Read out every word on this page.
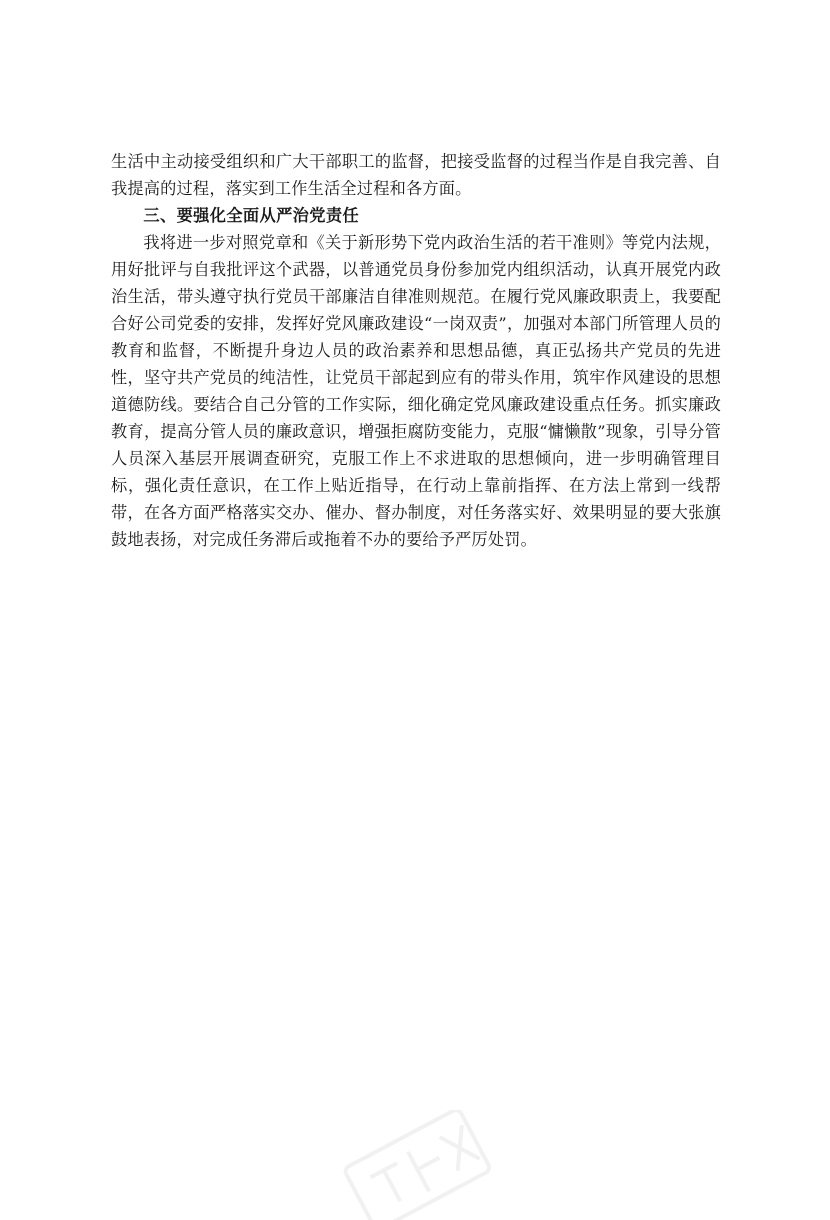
生活中主动接受组织和广大干部职工的监督，把接受监督的过程当作是自我完善、自我提高的过程，落实到工作生活全过程和各方面。

三、要强化全面从严治党责任

我将进一步对照党章和《关于新形势下党内政治生活的若干准则》等党内法规，用好批评与自我批评这个武器，以普通党员身份参加党内组织活动，认真开展党内政治生活，带头遵守执行党员干部廉洁自律准则规范。在履行党风廉政职责上，我要配合好公司党委的安排，发挥好党风廉政建设“一岗双责”，加强对本部门所管理人员的教育和监督，不断提升身边人员的政治素养和思想品德，真正弘扬共产党员的先进性，坚守共产党员的纯洁性，让党员干部起到应有的带头作用，筑牢作风建设的思想道德防线。要结合自己分管的工作实际，细化确定党风廉政建设重点任务。抓实廉政教育，提高分管人员的廉政意识，增强拒腐防变能力，克服“慵懒散”现象，引导分管人员深入基层开展调查研究，克服工作上不求进取的思想倾向，进一步明确管理目标，强化责任意识，在工作上贴近指导，在行动上靠前指挥、在方法上常到一线帮带，在各方面严格落实交办、催办、督办制度，对任务落实好、效果明显的要大张旗鼓地表扬，对完成任务滞后或拖着不办的要给予严厉处罚。
